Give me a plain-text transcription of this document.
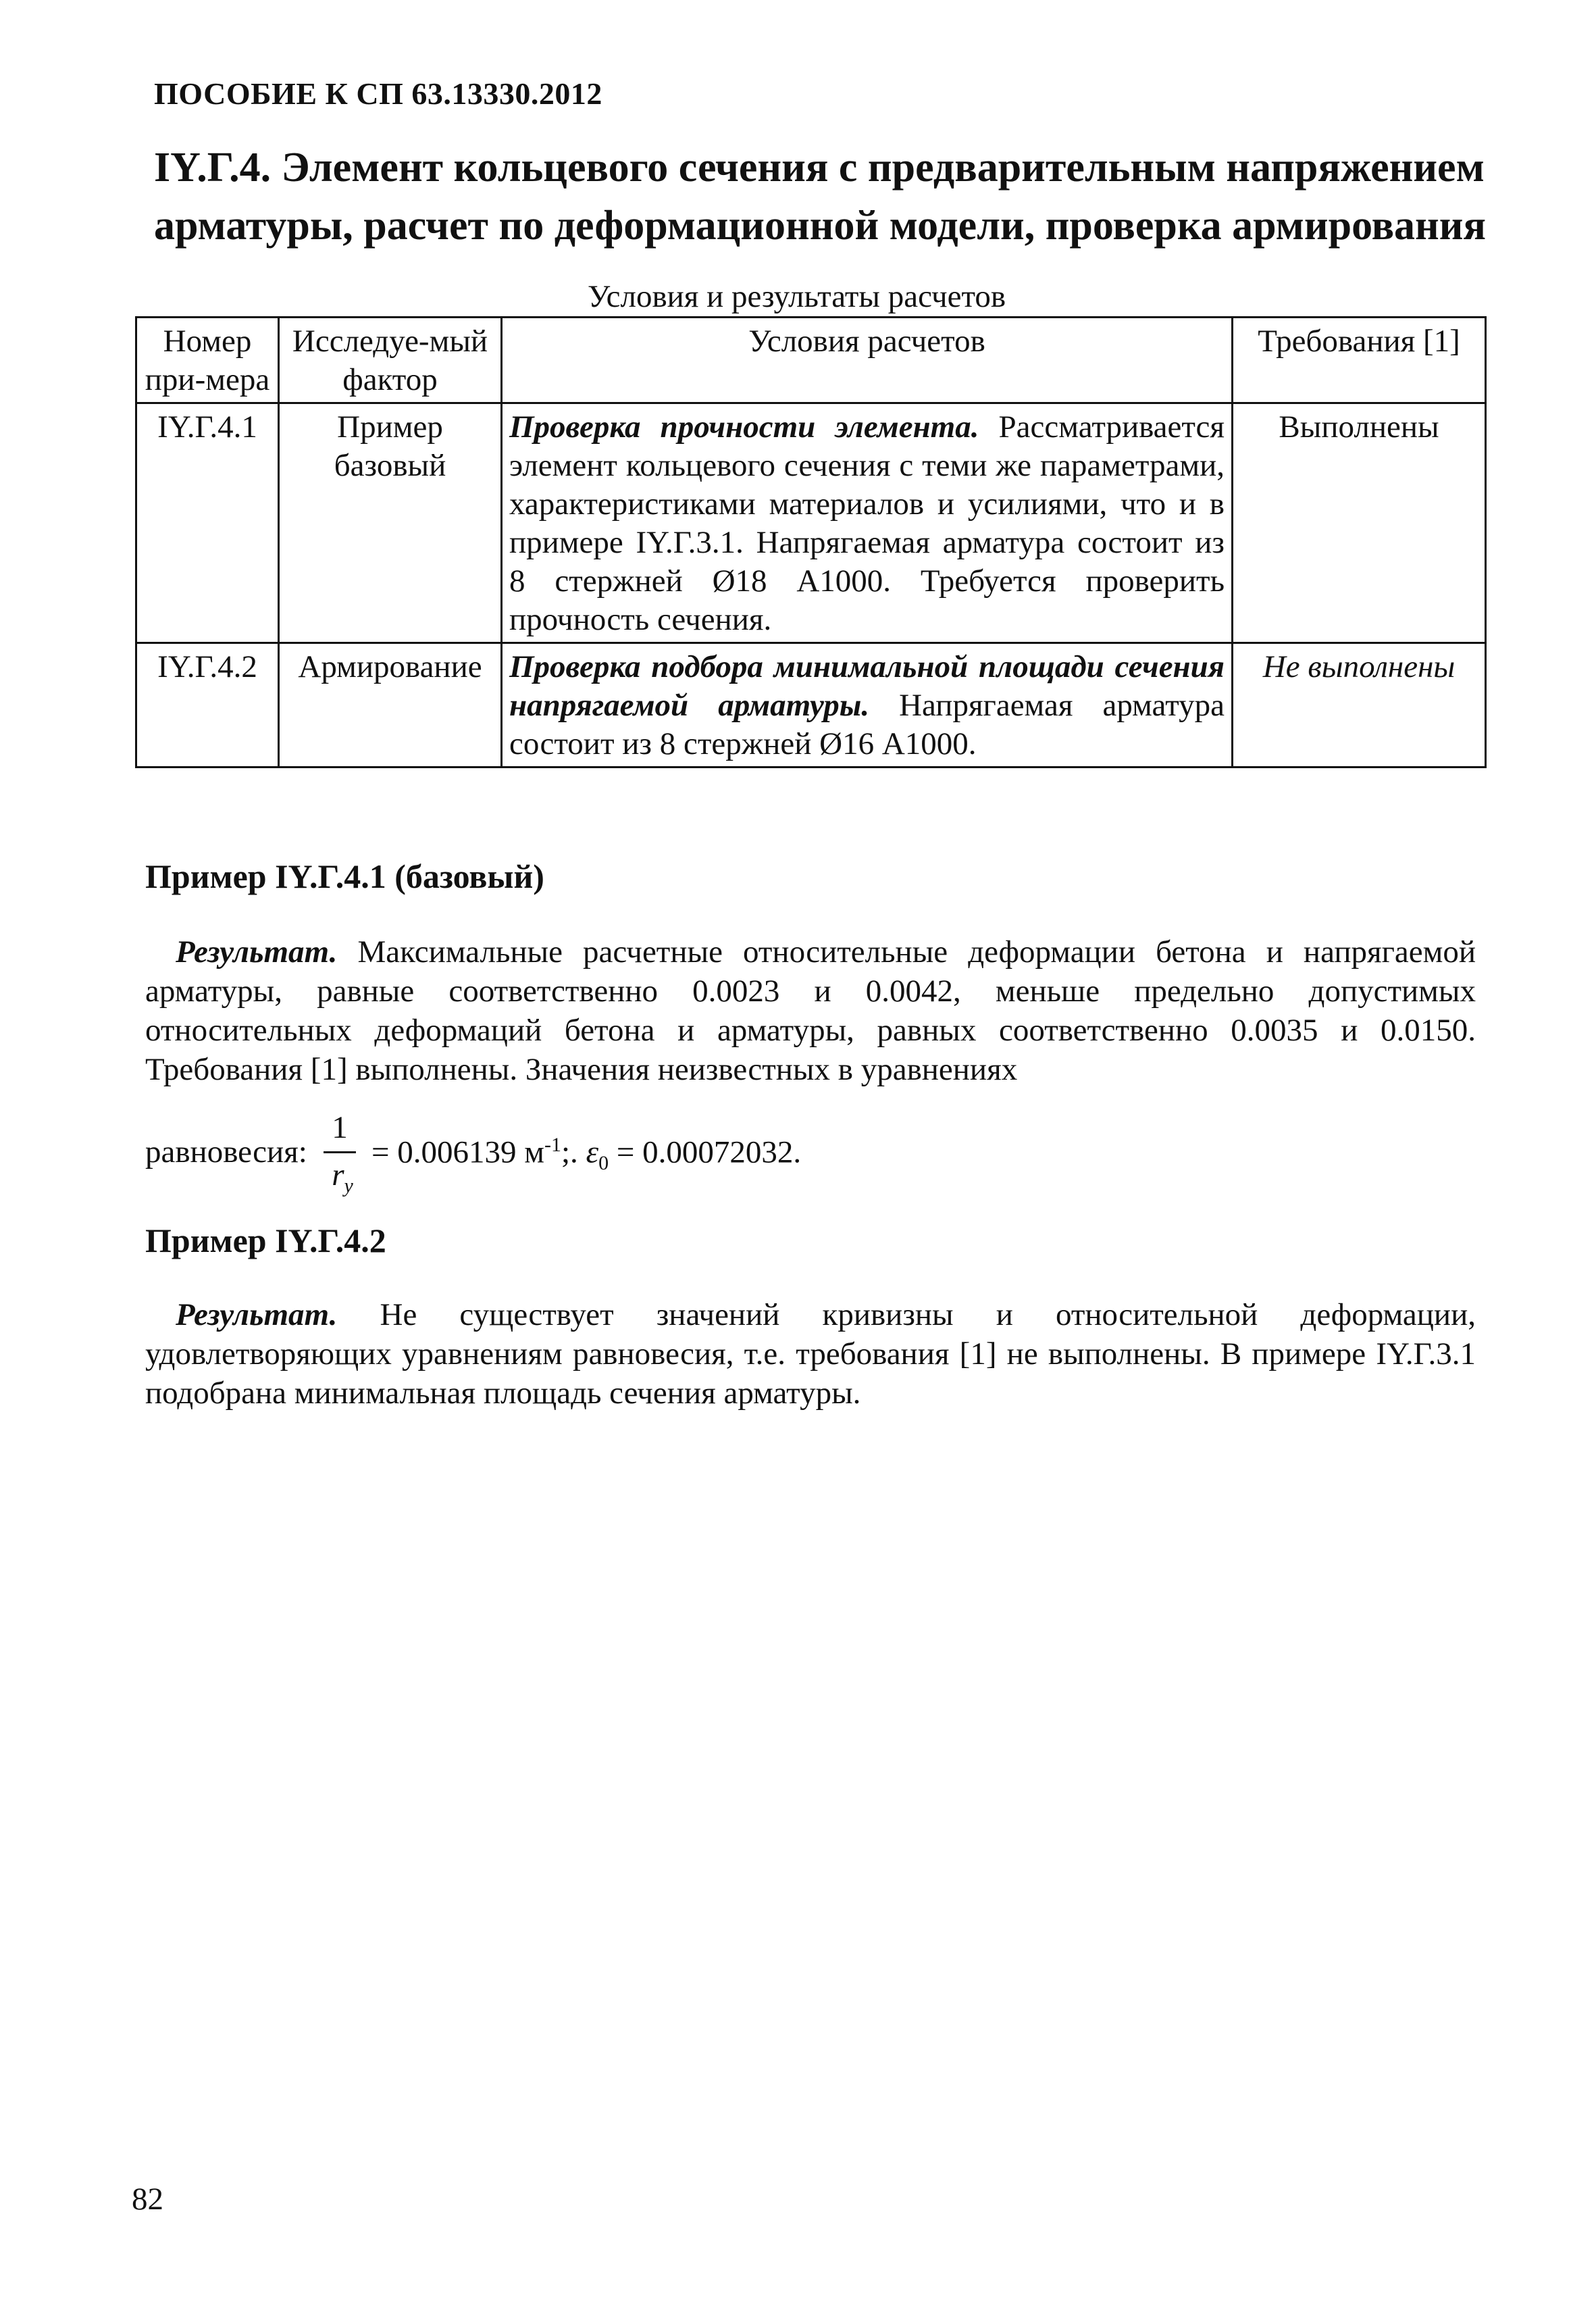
ПОСОБИЕ К СП 63.13330.2012
IY.Г.4. Элемент кольцевого сечения с предварительным напряжением
арматуры, расчет по деформационной модели, проверка армирования
Условия и результаты расчетов
Номер при-мера	Исследуе-мый фактор	Условия расчетов	Требования [1]
IY.Г.4.1	Пример базовый	Проверка прочности элемента. Рассматривается элемент кольцевого сечения с теми же параметрами, характеристиками материалов и усилиями, что и в примере IY.Г.3.1. Напрягаемая арматура состоит из 8 стержней Ø18 А1000. Требуется проверить прочность сечения.	Выполнены
IY.Г.4.2	Армирование	Проверка подбора минимальной площади сечения напрягаемой арматуры. Напрягаемая арматура состоит из 8 стержней Ø16 А1000.	Не выполнены
Пример IY.Г.4.1 (базовый)

Результат. Максимальные расчетные относительные деформации бетона и напрягаемой арматуры, равные соответственно 0.0023 и 0.0042, меньше предельно допустимых относительных деформаций бетона и арматуры, равных соответственно 0.0035 и 0.0150. Требования [1] выполнены. Значения неизвестных в уравнениях

равновесия:
1
$r_y$
= 0.006139 $м^{-1}$;. $\varepsilon_0 = 0.00072032$.
Пример IY.Г.4.2

Результат. Не существует значений кривизны и относительной деформации, удовлетворяющих уравнениям равновесия, т.е. требования [1] не выполнены. В примере IY.Г.3.1 подобрана минимальная площадь сечения арматуры.

82
